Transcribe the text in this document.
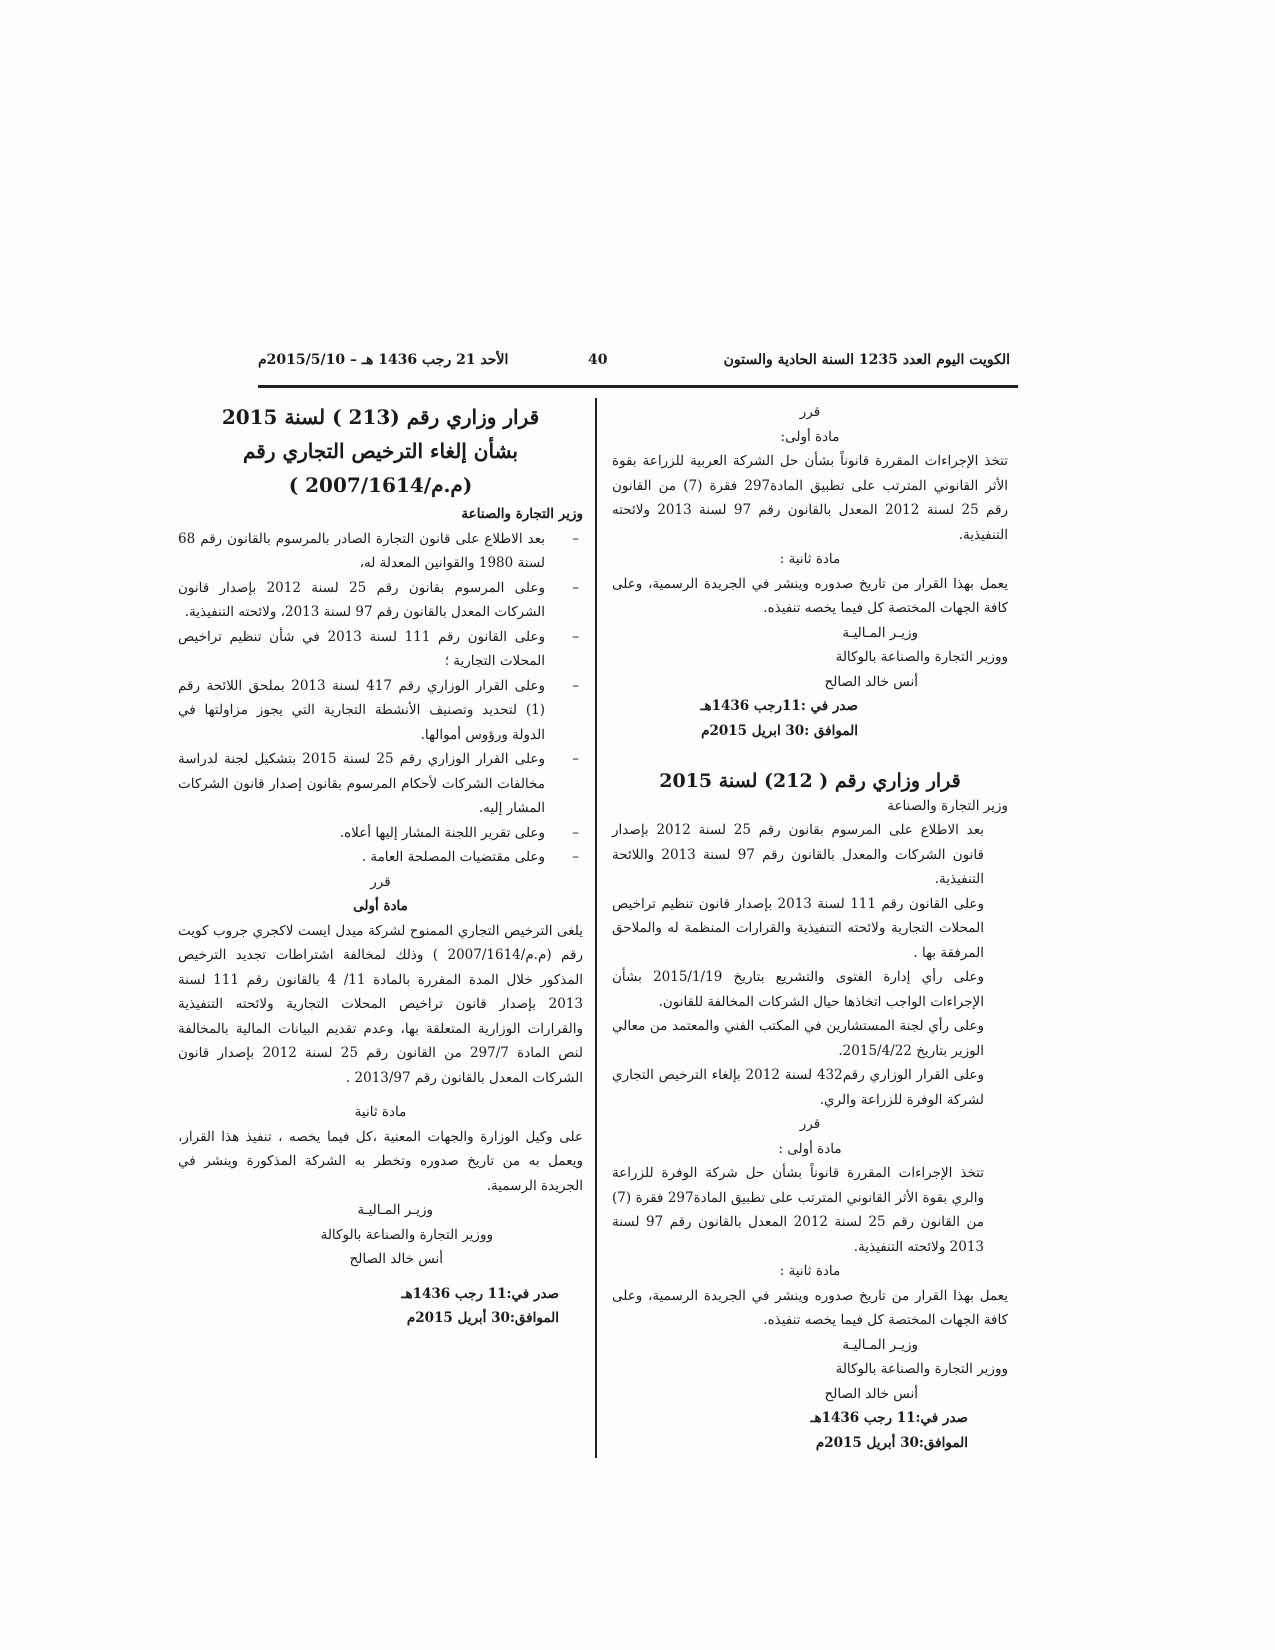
الكويت اليوم العدد 1235 السنة الحادية والستون
40
الأحد 21 رجب 1436 هـ – 2015/5/10م

قرر

مادة أولى:

تتخذ الإجراءات المقررة قانوناً بشأن حل الشركة العربية للزراعة بقوة الأثر القانوني المترتب على تطبيق المادة297 فقرة (7) من القانون رقم 25 لسنة 2012 المعدل بالقانون رقم 97 لسنة 2013 ولائحته التنفيذية.

مادة ثانية :

يعمل بهذا القرار من تاريخ صدوره وينشر في الجريدة الرسمية، وعلى كافة الجهات المختصة كل فيما يخصه تنفيذه.

وزيـر المـاليـة

ووزير التجارة والصناعة بالوكالة

أنس خالد الصالح

صدر في :11رجب 1436هـ

الموافق :30 ابريل 2015م

قرار وزاري رقم ( 212) لسنة 2015

وزير التجارة والصناعة

بعد الاطلاع على المرسوم بقانون رقم 25 لسنة 2012 بإصدار قانون الشركات والمعدل بالقانون رقم 97 لسنة 2013 واللائحة التنفيذية.

وعلى القانون رقم 111 لسنة 2013 بإصدار قانون تنظيم تراخيص المحلات التجارية ولائحته التنفيذية والقرارات المنظمة له والملاحق المرفقة بها .

وعلى رأي إدارة الفتوى والتشريع بتاريخ 2015/1/19 بشأن الإجراءات الواجب اتخاذها حيال الشركات المخالفة للقانون.

وعلى رأي لجنة المستشارين في المكتب الفني والمعتمد من معالي الوزير بتاريخ 2015/4/22.

وعلى القرار الوزاري رقم432 لسنة 2012 بإلغاء الترخيص التجاري لشركة الوفرة للزراعة والري.

قرر

مادة أولى :

تتخذ الإجراءات المقررة قانوناً بشأن حل شركة الوفرة للزراعة والري بقوة الأثر القانوني المترتب على تطبيق المادة297 فقرة (7) من القانون رقم 25 لسنة 2012 المعدل بالقانون رقم 97 لسنة 2013 ولائحته التنفيذية.

مادة ثانية :

يعمل بهذا القرار من تاريخ صدوره وينشر في الجريدة الرسمية، وعلى كافة الجهات المختصة كل فيما يخصه تنفيذه.

وزيـر المـاليـة

ووزير التجارة والصناعة بالوكالة

أنس خالد الصالح

صدر في:11 رجب 1436هـ

الموافق:30 أبريل 2015م

قرار وزاري رقم (213 ) لسنة 2015

بشأن إلغاء الترخيص التجاري رقم

(م.م/2007/1614 )

وزير التجارة والصناعة

–
بعد الاطلاع على قانون التجارة الصادر بالمرسوم بالقانون رقم 68 لسنة 1980 والقوانين المعدلة له،
–
وعلى المرسوم بقانون رقم 25 لسنة 2012 بإصدار قانون الشركات المعدل بالقانون رقم 97 لسنة 2013، ولائحته التنفيذية.
–
وعلى القانون رقم 111 لسنة 2013 في شأن تنظيم تراخيص المحلات التجارية ؛
–
وعلى القرار الوزاري رقم 417 لسنة 2013 بملحق اللائحة رقم (1) لتحديد وتصنيف الأنشطة التجارية التي يجوز مزاولتها في الدولة ورؤوس أموالها.
–
وعلى القرار الوزاري رقم 25 لسنة 2015 بتشكيل لجنة لدراسة مخالفات الشركات لأحكام المرسوم بقانون إصدار قانون الشركات المشار إليه.
–
وعلى تقرير اللجنة المشار إليها أعلاه.
–
وعلى مقتضيات المصلحة العامة .

قرر

مادة أولى

يلغى الترخيص التجاري الممنوح لشركة ميدل ايست لاكجري جروب كويت رقم (م.م/2007/1614 ) وذلك لمخالفة اشتراطات تجديد الترخيص المذكور خلال المدة المقررة بالمادة 11/ 4 بالقانون رقم 111 لسنة 2013 بإصدار قانون تراخيص المحلات التجارية ولائحته التنفيذية والقرارات الوزارية المتعلقة بها، وعدم تقديم البيانات المالية بالمخالفة لنص المادة 297/7 من القانون رقم 25 لسنة 2012 بإصدار قانون الشركات المعدل بالقانون رقم 2013/97 .

مادة ثانية

على وكيل الوزارة والجهات المعنية ،كل فيما يخصه ، تنفيذ هذا القرار، ويعمل به من تاريخ صدوره وتخطر به الشركة المذكورة وينشر في الجريدة الرسمية.

وزيـر المـاليـة

ووزير التجارة والصناعة بالوكالة

أنس خالد الصالح

صدر في:11 رجب 1436هـ

الموافق:30 أبريل 2015م
